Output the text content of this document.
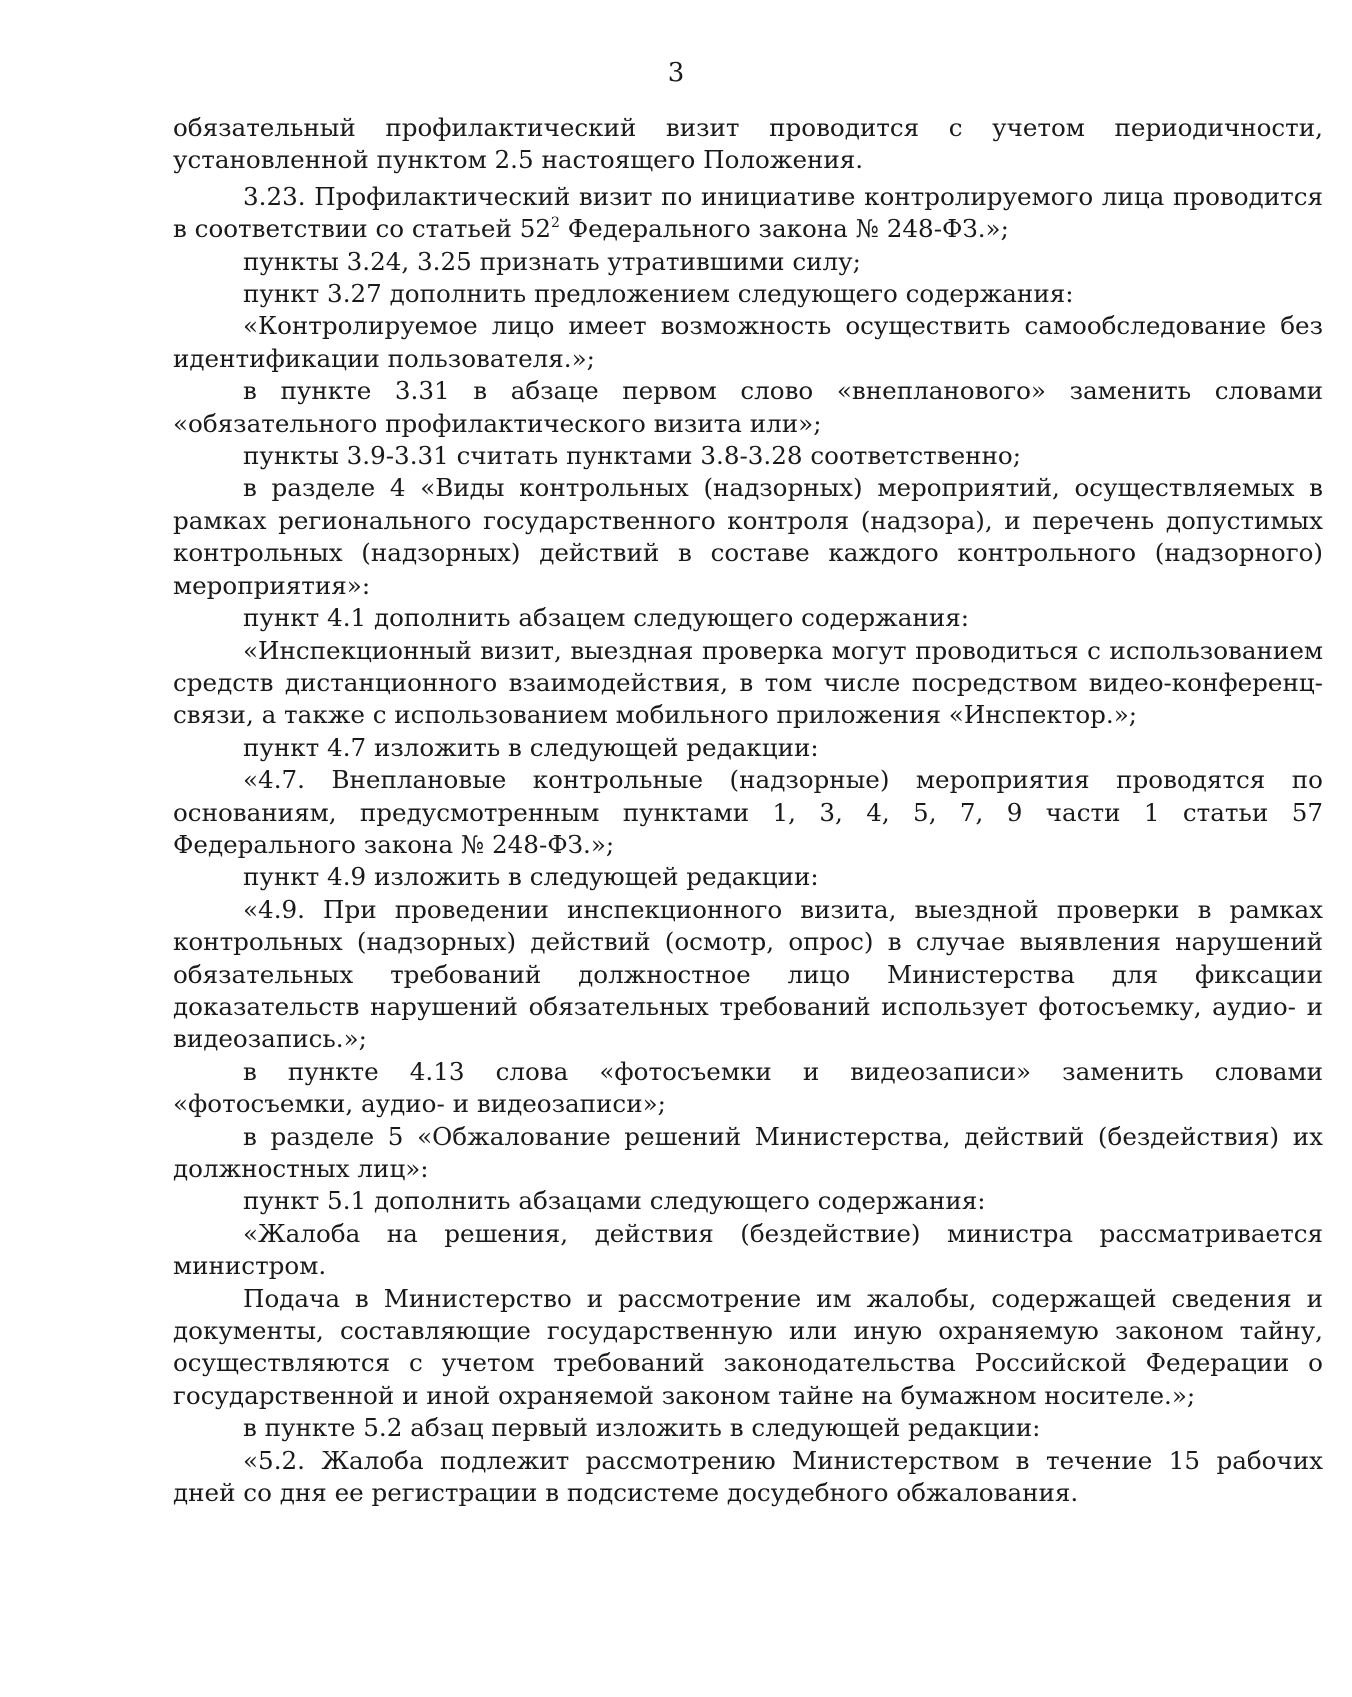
3

обязательный профилактический визит проводится с учетом периодичности, установленной пунктом 2.5 настоящего Положения.

3.23. Профилактический визит по инициативе контролируемого лица проводится в соответствии со статьей $52^2$ Федерального закона № 248-ФЗ.»;

пункты 3.24, 3.25 признать утратившими силу;

пункт 3.27 дополнить предложением следующего содержания:

«Контролируемое лицо имеет возможность осуществить самообследование без идентификации пользователя.»;

в пункте 3.31 в абзаце первом слово «внепланового» заменить словами «обязательного профилактического визита или»;

пункты 3.9-3.31 считать пунктами 3.8-3.28 соответственно;

в разделе 4 «Виды контрольных (надзорных) мероприятий, осуществляемых в рамках регионального государственного контроля (надзора), и перечень допустимых контрольных (надзорных) действий в составе каждого контрольного (надзорного) мероприятия»:

пункт 4.1 дополнить абзацем следующего содержания:

«Инспекционный визит, выездная проверка могут проводиться с использованием средств дистанционного взаимодействия, в том числе посредством видео-конференц-связи, а также с использованием мобильного приложения «Инспектор.»;

пункт 4.7 изложить в следующей редакции:

«4.7. Внеплановые контрольные (надзорные) мероприятия проводятся по основаниям, предусмотренным пунктами 1, 3, 4, 5, 7, 9 части 1 статьи 57 Федерального закона № 248-ФЗ.»;

пункт 4.9 изложить в следующей редакции:

«4.9. При проведении инспекционного визита, выездной проверки в рамках контрольных (надзорных) действий (осмотр, опрос) в случае выявления нарушений обязательных требований должностное лицо Министерства для фиксации доказательств нарушений обязательных требований использует фотосъемку, аудио- и видеозапись.»;

в пункте 4.13 слова «фотосъемки и видеозаписи» заменить словами «фотосъемки, аудио- и видеозаписи»;

в разделе 5 «Обжалование решений Министерства, действий (бездействия) их должностных лиц»:

пункт 5.1 дополнить абзацами следующего содержания:

«Жалоба на решения, действия (бездействие) министра рассматривается министром.

Подача в Министерство и рассмотрение им жалобы, содержащей сведения и документы, составляющие государственную или иную охраняемую законом тайну, осуществляются с учетом требований законодательства Российской Федерации о государственной и иной охраняемой законом тайне на бумажном носителе.»;

в пункте 5.2 абзац первый изложить в следующей редакции:

«5.2. Жалоба подлежит рассмотрению Министерством в течение 15 рабочих дней со дня ее регистрации в подсистеме досудебного обжалования.
